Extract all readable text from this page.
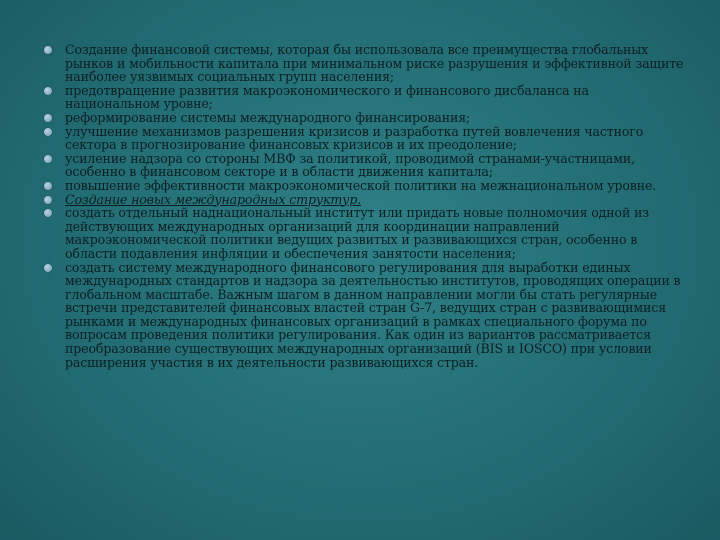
Создание финансовой системы, которая бы использовала все преимущества глобальных рынков и мобильности капитала при минимальном риске разрушения и эффективной защите наиболее уязвимых социальных групп населения;
предотвращение развития макроэкономического и финансового дисбаланса на национальном уровне;
реформирование системы международного финансирования;
улучшение механизмов разрешения кризисов и разработка путей вовлечения частного сектора в прогнозирование финансовых кризисов и их преодоление;
усиление надзора со стороны МВФ за политикой, проводимой странами-участницами, особенно в финансовом секторе и в области движения капитала;
повышение эффективности макроэкономической политики на межнациональном уровне.
Создание новых международных структур.
создать отдельный наднациональный институт или придать новые полномочия одной из действующих международных организаций для координации направлений макроэкономической политики ведущих развитых и развивающихся стран, особенно в области подавления инфляции и обеспечения занятости населения;
создать систему международного финансового регулирования для выработки единых международных стандартов и надзора за деятельностью институтов, проводящих операции в глобальном масштабе. Важным шагом в данном направлении могли бы стать регулярные встречи представителей финансовых властей стран G-7, ведущих стран с развивающимися рынками и международных финансовых организаций в рамках специального форума по вопросам проведения политики регулирования. Как один из вариантов рассматривается преобразование существующих международных организаций (BIS и IOSCO) при условии расширения участия в их деятельности развивающихся стран.
